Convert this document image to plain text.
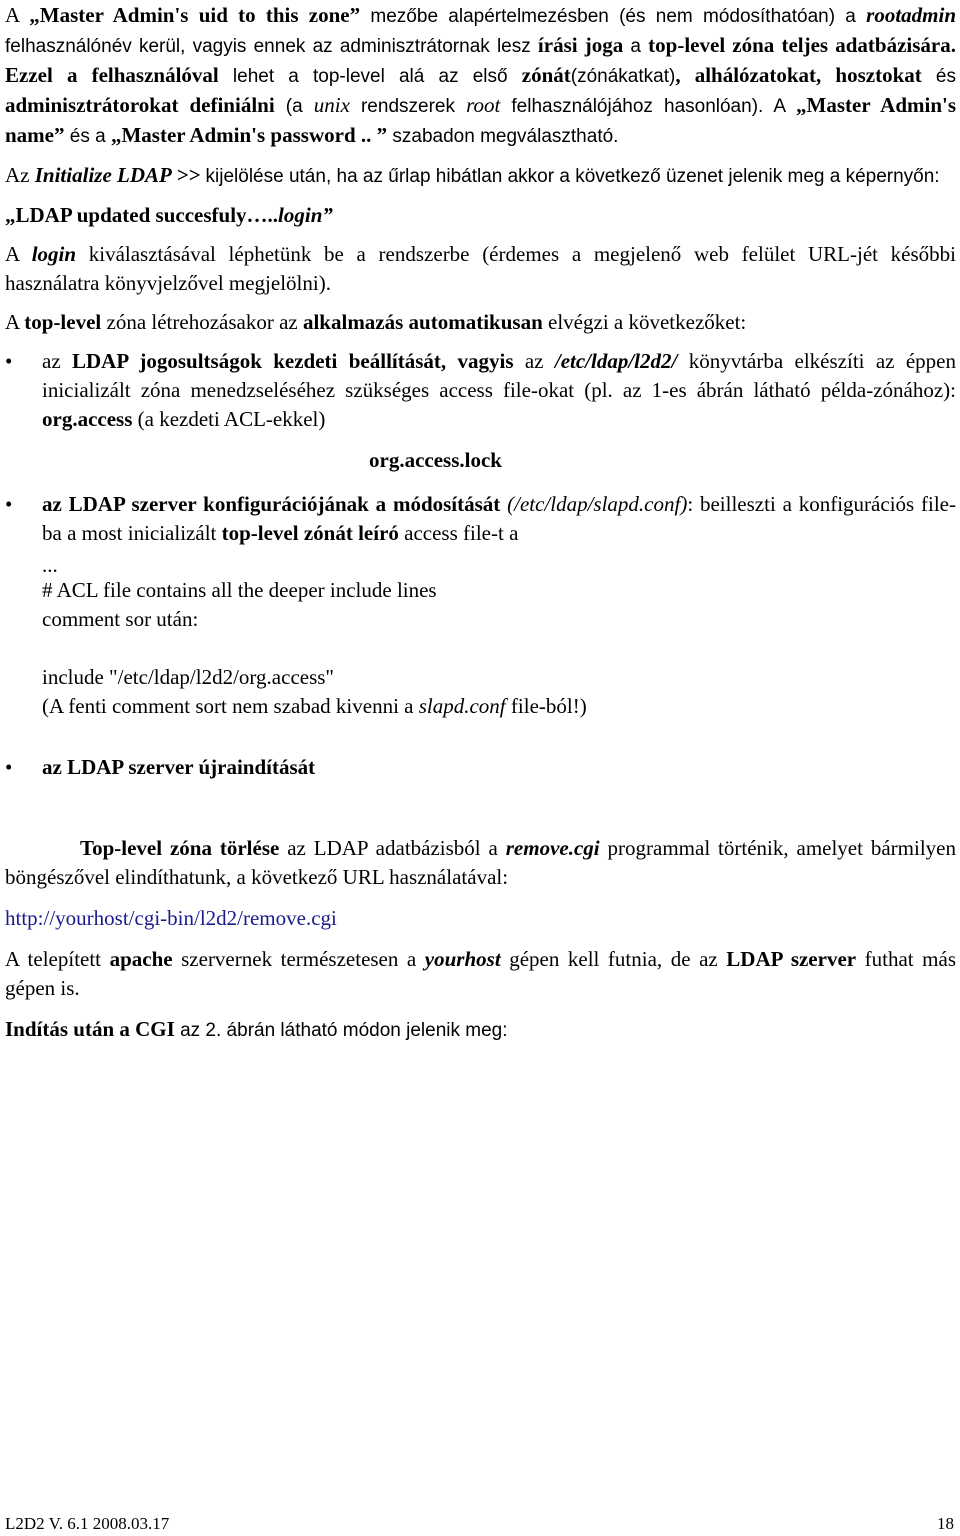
A „Master Admin's uid to this zone” mezőbe alapértelmezésben (és nem módosíthatóan) a rootadmin felhasználónév kerül, vagyis ennek az adminisztrátornak lesz írási joga a top-level zóna teljes adatbázisára. Ezzel a felhasználóval lehet a top-level alá az első zónát(zónákatkat), alhálózatokat, hosztokat és adminisztrátorokat definiálni (a unix rendszerek root felhasználójához hasonlóan). A „Master Admin's name” és a „Master Admin's password .. ” szabadon megválasztható.

Az Initialize LDAP >> kijelölése után, ha az űrlap hibátlan akkor a következő üzenet jelenik meg a képernyőn:

„LDAP updated succesfuly…..login”

A login kiválasztásával léphetünk be a rendszerbe (érdemes a megjelenő web felület URL-jét későbbi használatra könyvjelzővel megjelölni).

A top-level zóna létrehozásakor az alkalmazás automatikusan elvégzi a következőket:

•	az LDAP jogosultságok kezdeti beállítását, vagyis az /etc/ldap/l2d2/ könyvtárba elkészíti az éppen inicializált zóna menedzseléséhez szükséges access file-okat (pl. az 1-es ábrán látható példa-zónához): org.access (a kezdeti ACL-ekkel)

org.access.lock

•	az LDAP szerver konfigurációjának a módosítását (/etc/ldap/slapd.conf): beilleszti a konfigurációs file-ba a most inicializált top-level zónát leíró access file-t a

...

# ACL file contains all the deeper include lines

comment sor után:

include "/etc/ldap/l2d2/org.access"

(A fenti comment sort nem szabad kivenni a slapd.conf file-ból!)

•	az LDAP szerver újraindítását

Top-level zóna törlése az LDAP adatbázisból a remove.cgi programmal történik, amelyet bármilyen böngészővel elindíthatunk, a következő URL használatával:

http://yourhost/cgi-bin/l2d2/remove.cgi

A telepített apache szervernek természetesen a yourhost gépen kell futnia, de az LDAP szerver futhat más gépen is.

Indítás után a CGI az 2. ábrán látható módon jelenik meg:

L2D2 V. 6.1 2008.03.17	18
